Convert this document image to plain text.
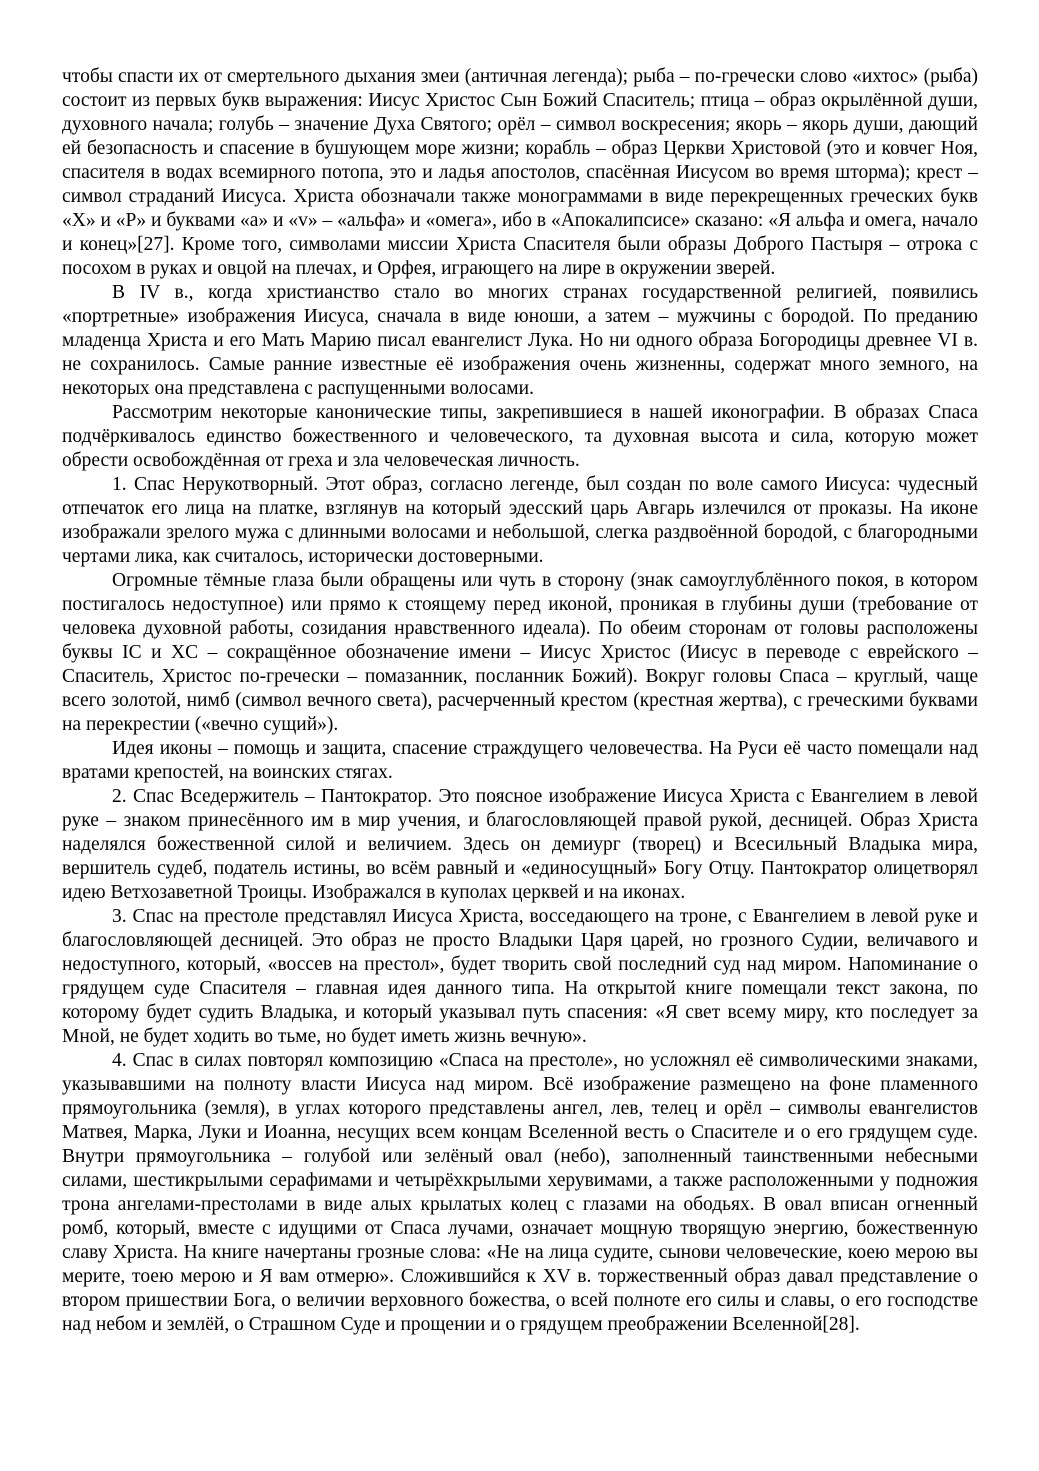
чтобы спасти их от смертельного дыхания змеи (античная легенда); рыба – по-гречески слово «ихтос» (рыба) состоит из первых букв выражения: Иисус Христос Сын Божий Спаситель; птица – образ окрылённой души, духовного начала; голубь – значение Духа Святого; орёл – символ воскресения; якорь – якорь души, дающий ей безопасность и спасение в бушующем море жизни; корабль – образ Церкви Христовой (это и ковчег Ноя, спасителя в водах всемирного потопа, это и ладья апостолов, спасённая Иисусом во время шторма); крест – символ страданий Иисуса. Христа обозначали также монограммами в виде перекрещенных греческих букв «X» и «P» и буквами «а» и «v» – «альфа» и «омега», ибо в «Апокалипсисе» сказано: «Я альфа и омега, начало и конец»[27]. Кроме того, символами миссии Христа Спасителя были образы Доброго Пастыря – отрока с посохом в руках и овцой на плечах, и Орфея, играющего на лире в окружении зверей.

В IV в., когда христианство стало во многих странах государственной религией, появились «портретные» изображения Иисуса, сначала в виде юноши, а затем – мужчины с бородой. По преданию младенца Христа и его Мать Марию писал евангелист Лука. Но ни одного образа Богородицы древнее VI в. не сохранилось. Самые ранние известные её изображения очень жизненны, содержат много земного, на некоторых она представлена с распущенными волосами.

Рассмотрим некоторые канонические типы, закрепившиеся в нашей иконографии. В образах Спаса подчёркивалось единство божественного и человеческого, та духовная высота и сила, которую может обрести освобождённая от греха и зла человеческая личность.

1. Спас Нерукотворный. Этот образ, согласно легенде, был создан по воле самого Иисуса: чудесный отпечаток его лица на платке, взглянув на который эдесский царь Авгарь излечился от проказы. На иконе изображали зрелого мужа с длинными волосами и небольшой, слегка раздвоённой бородой, с благородными чертами лика, как считалось, исторически достоверными.

Огромные тёмные глаза были обращены или чуть в сторону (знак самоуглублённого покоя, в котором постигалось недоступное) или прямо к стоящему перед иконой, проникая в глубины души (требование от человека духовной работы, созидания нравственного идеала). По обеим сторонам от головы расположены буквы IC и XC – сокращённое обозначение имени – Иисус Христос (Иисус в переводе с еврейского – Спаситель, Христос по-гречески – помазанник, посланник Божий). Вокруг головы Спаса – круглый, чаще всего золотой, нимб (символ вечного света), расчерченный крестом (крестная жертва), с греческими буквами на перекрестии («вечно сущий»).

Идея иконы – помощь и защита, спасение страждущего человечества. На Руси её часто помещали над вратами крепостей, на воинских стягах.

2. Спас Вседержитель – Пантократор. Это поясное изображение Иисуса Христа с Евангелием в левой руке – знаком принесённого им в мир учения, и благословляющей правой рукой, десницей. Образ Христа наделялся божественной силой и величием. Здесь он демиург (творец) и Всесильный Владыка мира, вершитель судеб, податель истины, во всём равный и «единосущный» Богу Отцу. Пантократор олицетворял идею Ветхозаветной Троицы. Изображался в куполах церквей и на иконах.

3. Спас на престоле представлял Иисуса Христа, восседающего на троне, с Евангелием в левой руке и благословляющей десницей. Это образ не просто Владыки Царя царей, но грозного Судии, величавого и недоступного, который, «воссев на престол», будет творить свой последний суд над миром. Напоминание о грядущем суде Спасителя – главная идея данного типа. На открытой книге помещали текст закона, по которому будет судить Владыка, и который указывал путь спасения: «Я свет всему миру, кто последует за Мной, не будет ходить во тьме, но будет иметь жизнь вечную».

4. Спас в силах повторял композицию «Спаса на престоле», но усложнял её символическими знаками, указывавшими на полноту власти Иисуса над миром. Всё изображение размещено на фоне пламенного прямоугольника (земля), в углах которого представлены ангел, лев, телец и орёл – символы евангелистов Матвея, Марка, Луки и Иоанна, несущих всем концам Вселенной весть о Спасителе и о его грядущем суде. Внутри прямоугольника – голубой или зелёный овал (небо), заполненный таинственными небесными силами, шестикрылыми серафимами и четырёхкрылыми херувимами, а также расположенными у подножия трона ангелами-престолами в виде алых крылатых колец с глазами на ободьях. В овал вписан огненный ромб, который, вместе с идущими от Спаса лучами, означает мощную творящую энергию, божественную славу Христа. На книге начертаны грозные слова: «Не на лица судите, сынови человеческие, коею мерою вы мерите, тоею мерою и Я вам отмерю». Сложившийся к XV в. торжественный образ давал представление о втором пришествии Бога, о величии верховного божества, о всей полноте его силы и славы, о его господстве над небом и землёй, о Страшном Суде и прощении и о грядущем преображении Вселенной[28].
